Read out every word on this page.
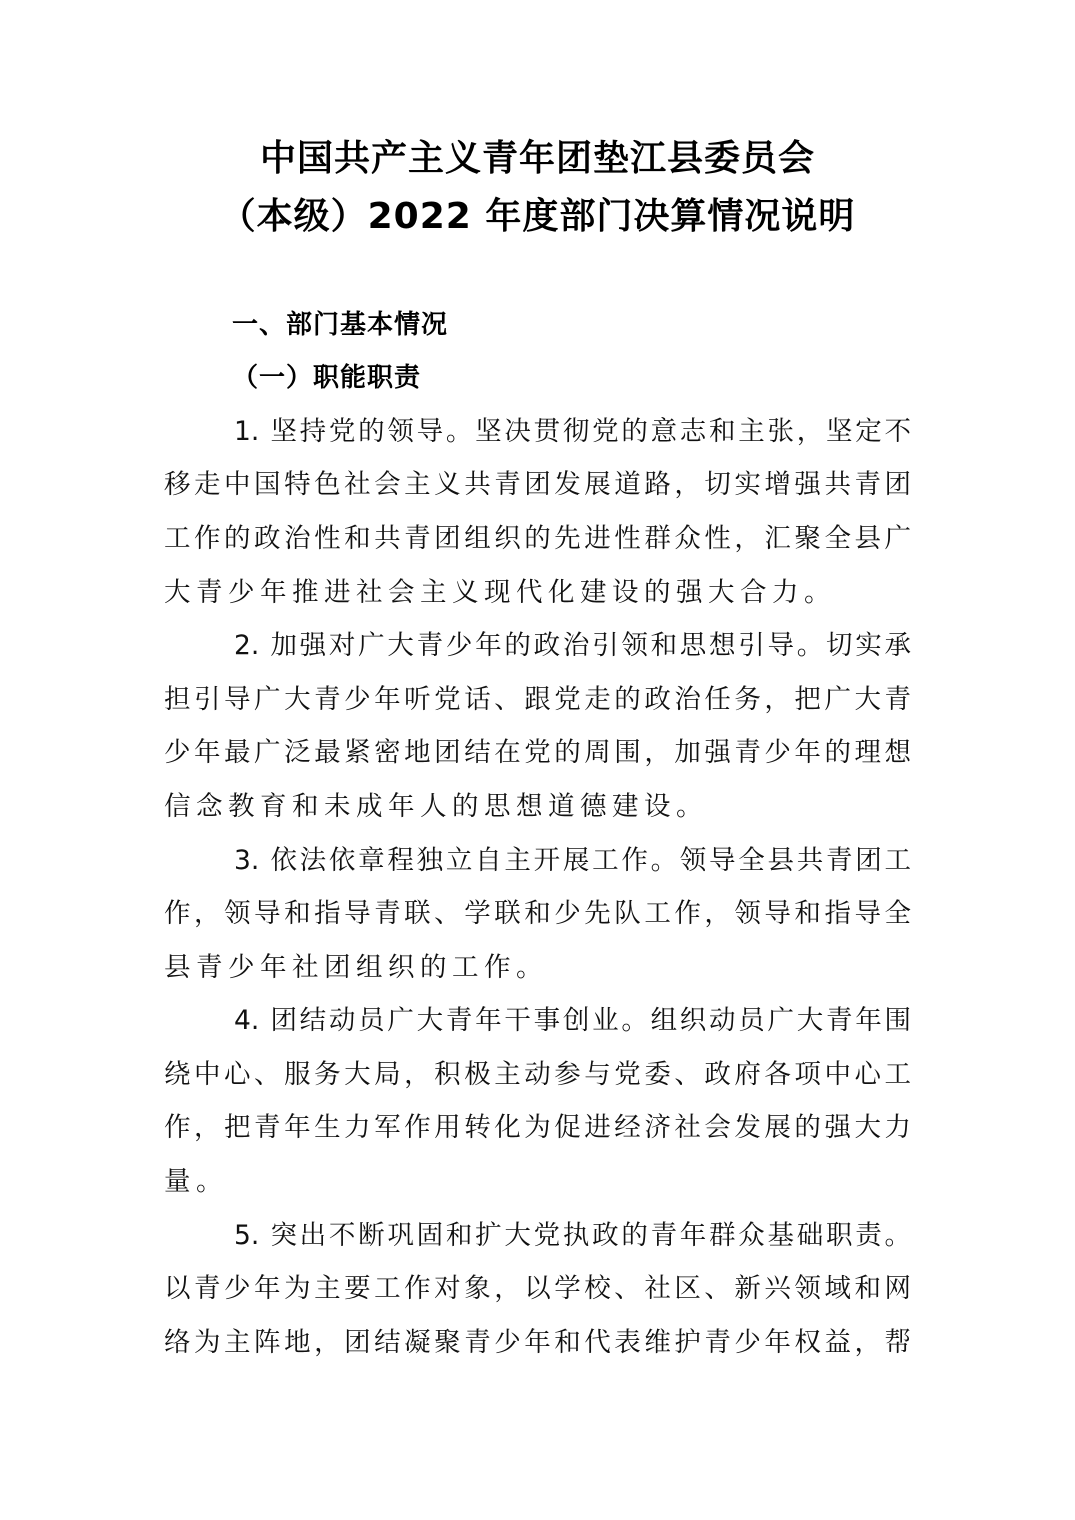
中国共产主义青年团垫江县委员会
（本级）2022 年度部门决算情况说明
一、部门基本情况
（一）职能职责
1. 坚持党的领导。坚决贯彻党的意志和主张，坚定不
移走中国特色社会主义共青团发展道路，切实增强共青团
工作的政治性和共青团组织的先进性群众性，汇聚全县广
大青少年推进社会主义现代化建设的强大合力。
2. 加强对广大青少年的政治引领和思想引导。切实承
担引导广大青少年听党话、跟党走的政治任务，把广大青
少年最广泛最紧密地团结在党的周围，加强青少年的理想
信念教育和未成年人的思想道德建设。
3. 依法依章程独立自主开展工作。领导全县共青团工
作，领导和指导青联、学联和少先队工作，领导和指导全
县青少年社团组织的工作。
4. 团结动员广大青年干事创业。组织动员广大青年围
绕中心、服务大局，积极主动参与党委、政府各项中心工
作，把青年生力军作用转化为促进经济社会发展的强大力
量。
5. 突出不断巩固和扩大党执政的青年群众基础职责。
以青少年为主要工作对象，以学校、社区、新兴领域和网
络为主阵地，团结凝聚青少年和代表维护青少年权益，帮
